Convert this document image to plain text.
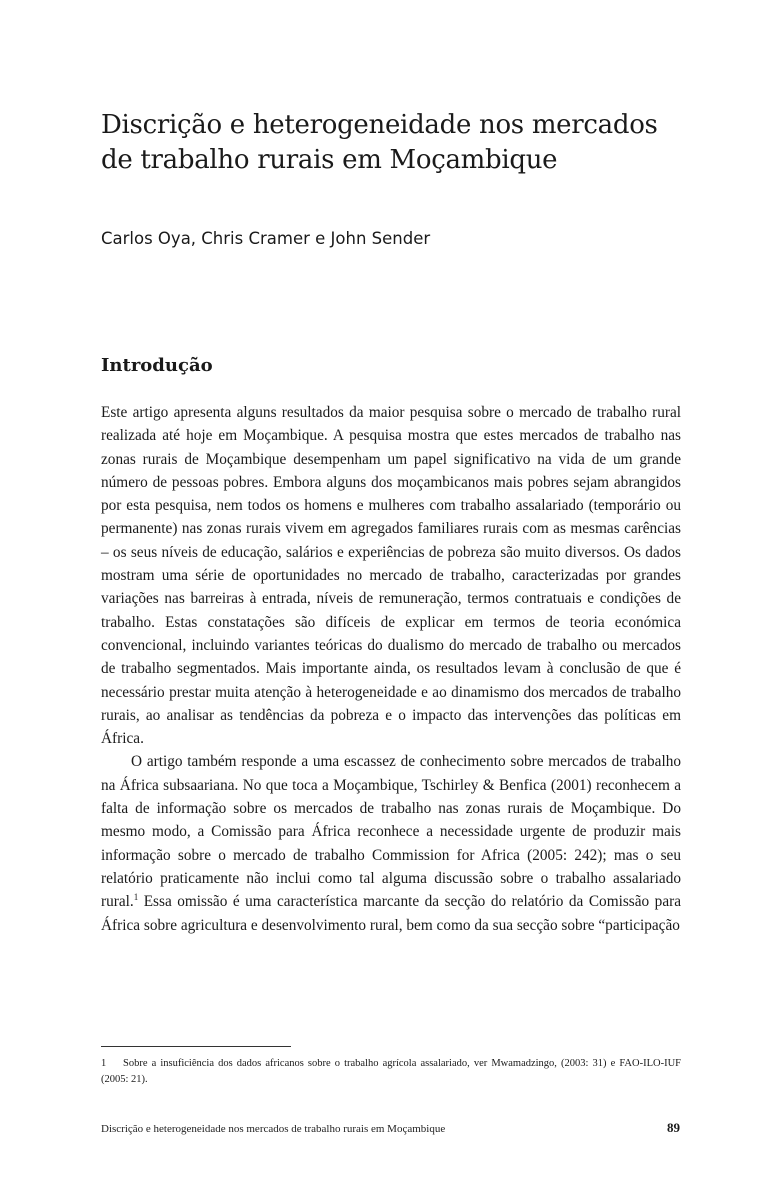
Discrição e heterogeneidade nos mercados
de trabalho rurais em Moçambique

Carlos Oya, Chris Cramer e John Sender

Introdução

Este artigo apresenta alguns resultados da maior pesquisa sobre o mercado de trabalho rural realizada até hoje em Moçambique. A pesquisa mostra que estes mercados de trabalho nas zonas rurais de Moçambique desempenham um papel significativo na vida de um grande número de pessoas pobres. Embora alguns dos moçambicanos mais pobres sejam abrangidos por esta pesquisa, nem todos os homens e mulheres com trabalho assalariado (temporário ou permanente) nas zonas rurais vivem em agregados familiares rurais com as mesmas carências – os seus níveis de educação, salários e experiências de pobreza são muito diversos. Os dados mostram uma série de oportunidades no mercado de trabalho, caracterizadas por grandes variações nas barreiras à entrada, níveis de remuneração, termos contratuais e condições de trabalho. Estas constatações são difíceis de explicar em termos de teoria económica convencional, incluindo variantes teóricas do dualismo do mercado de trabalho ou mercados de trabalho segmentados. Mais importante ainda, os resultados levam à conclusão de que é necessário prestar muita atenção à heterogeneidade e ao dinamismo dos mercados de trabalho rurais, ao analisar as tendências da pobreza e o impacto das intervenções das políticas em África.

O artigo também responde a uma escassez de conhecimento sobre mercados de trabalho na África subsaariana. No que toca a Moçambique, Tschirley & Benfica (2001) reconhecem a falta de informação sobre os mercados de trabalho nas zonas rurais de Moçambique. Do mesmo modo, a Comissão para África reconhece a necessidade urgente de produzir mais informação sobre o mercado de trabalho Commission for Africa (2005: 242); mas o seu relatório praticamente não inclui como tal alguma discussão sobre o trabalho assalariado rural.$^1$ Essa omissão é uma característica marcante da secção do relatório da Comissão para África sobre agricultura e desenvolvimento rural, bem como da sua secção sobre “participação

1 Sobre a insuficiência dos dados africanos sobre o trabalho agrícola assalariado, ver Mwamadzingo, (2003: 31) e FAO-ILO-IUF (2005: 21).

Discrição e heterogeneidade nos mercados de trabalho rurais em Moçambique	89
